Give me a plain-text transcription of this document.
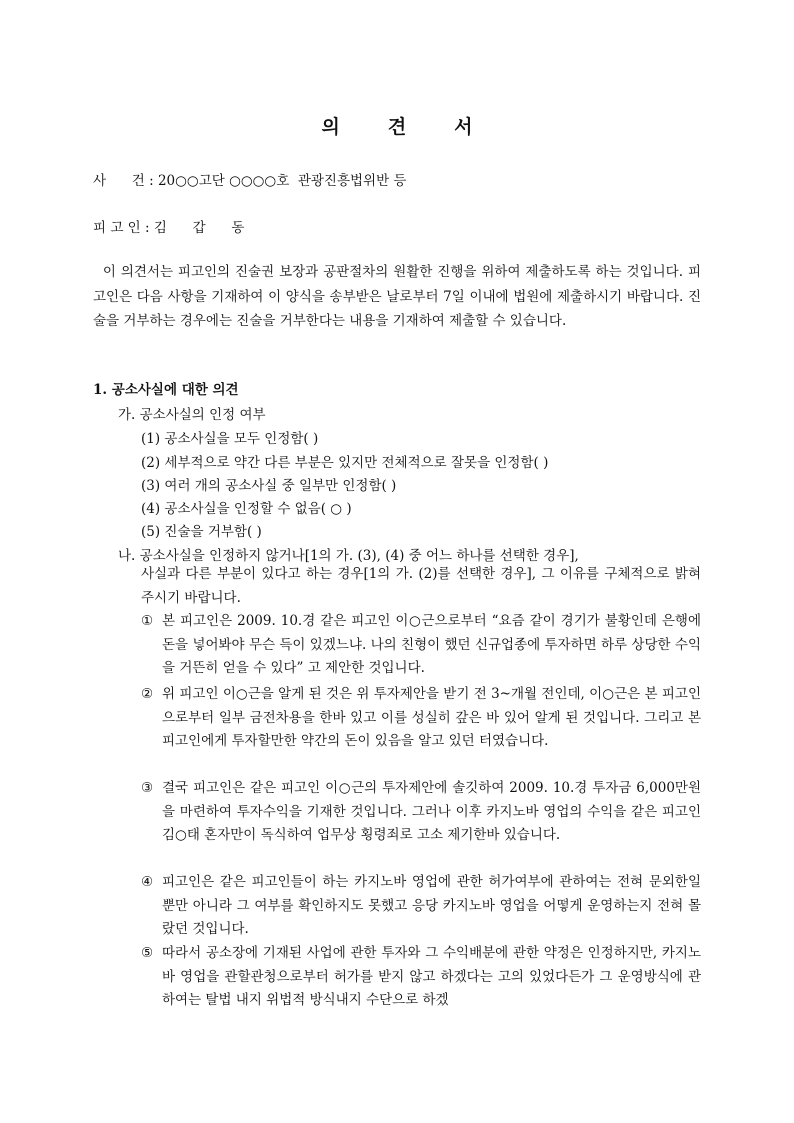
의	견	서
사      건 : 20○○고단 ○○○○호  관광진흥법위반 등
피 고 인 : 김      갑      동
이 의견서는 피고인의 진술권 보장과 공판절차의 원활한 진행을 위하여 제출하도록 하는 것입니다. 피고인은 다음 사항을 기재하여 이 양식을 송부받은 날로부터 7일 이내에 법원에 제출하시기 바랍니다. 진술을 거부하는 경우에는 진술을 거부한다는 내용을 기재하여 제출할 수 있습니다.
1. 공소사실에 대한 의견
가. 공소사실의 인정 여부
(1) 공소사실을 모두 인정함( )
(2) 세부적으로 약간 다른 부분은 있지만 전체적으로 잘못을 인정함( )
(3) 여러 개의 공소사실 중 일부만 인정함( )
(4) 공소사실을 인정할 수 없음( ○ )
(5) 진술을 거부함( )
나. 공소사실을 인정하지 않거나[1의 가. (3), (4) 중 어느 하나를 선택한 경우],
사실과 다른 부분이 있다고 하는 경우[1의 가. (2)를 선택한 경우], 그 이유를 구체적으로 밝혀 주시기 바랍니다.
① 본 피고인은 2009. 10.경 같은 피고인 이○근으로부터 “요즘 같이 경기가 불황인데 은행에 돈을 넣어봐야 무슨 득이 있겠느냐. 나의 친형이 했던 신규업종에 투자하면 하루 상당한 수익을 거뜬히 얻을 수 있다” 고 제안한 것입니다.
② 위 피고인 이○근을 알게 된 것은 위 투자제안을 받기 전 3~개월 전인데, 이○근은 본 피고인으로부터 일부 금전차용을 한바 있고 이를 성실히 갚은 바 있어 알게 된 것입니다. 그리고 본 피고인에게 투자할만한 약간의 돈이 있음을 알고 있던 터였습니다.
③ 결국 피고인은 같은 피고인 이○근의 투자제안에 솔깃하여 2009. 10.경 투자금 6,000만원을 마련하여 투자수익을 기재한 것입니다. 그러나 이후 카지노바 영업의 수익을 같은 피고인 김○태 혼자만이 독식하여 업무상 횡령죄로 고소 제기한바 있습니다.
④ 피고인은 같은 피고인들이 하는 카지노바 영업에 관한 허가여부에 관하여는 전혀 문외한일 뿐만 아니라 그 여부를 확인하지도 못했고 응당 카지노바 영업을 어떻게 운영하는지 전혀 몰랐던 것입니다.
⑤ 따라서 공소장에 기재된 사업에 관한 투자와 그 수익배분에 관한 약정은 인정하지만, 카지노바 영업을 관할관청으로부터 허가를 받지 않고 하겠다는 고의 있었다든가 그 운영방식에 관하여는 탈법 내지 위법적 방식내지 수단으로 하겠
